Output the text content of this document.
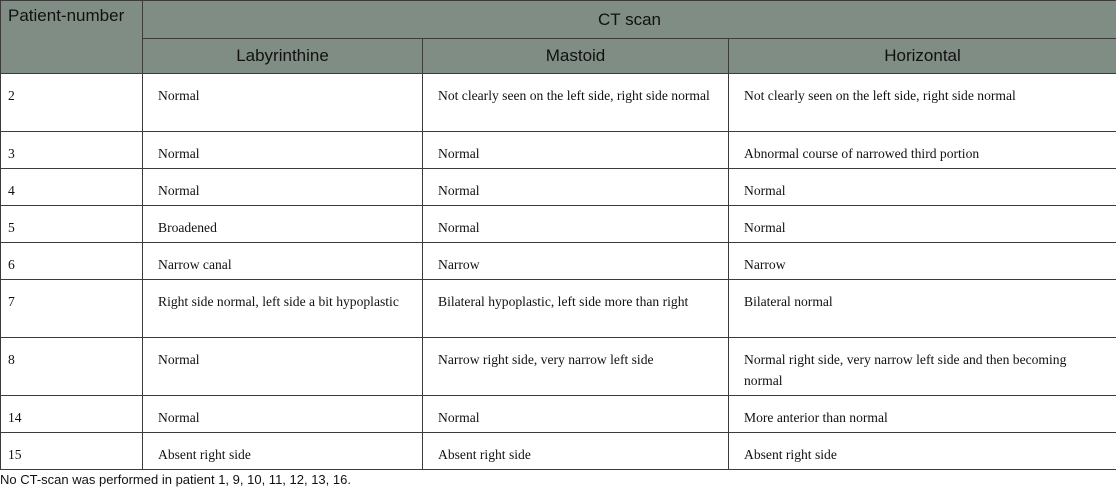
Patient-number	CT scan		
	Labyrinthine	Mastoid	Horizontal
2	Normal	Not clearly seen on the left side, right side normal	Not clearly seen on the left side, right side normal
3	Normal	Normal	Abnormal course of narrowed third portion
4	Normal	Normal	Normal
5	Broadened	Normal	Normal
6	Narrow canal	Narrow	Narrow
7	Right side normal, left side a bit hypoplastic	Bilateral hypoplastic, left side more than right	Bilateral normal
8	Normal	Narrow right side, very narrow left side	Normal right side, very narrow left side and then becoming normal
14	Normal	Normal	More anterior than normal
15	Absent right side	Absent right side	Absent right side
No CT-scan was performed in patient 1, 9, 10, 11, 12, 13, 16.
